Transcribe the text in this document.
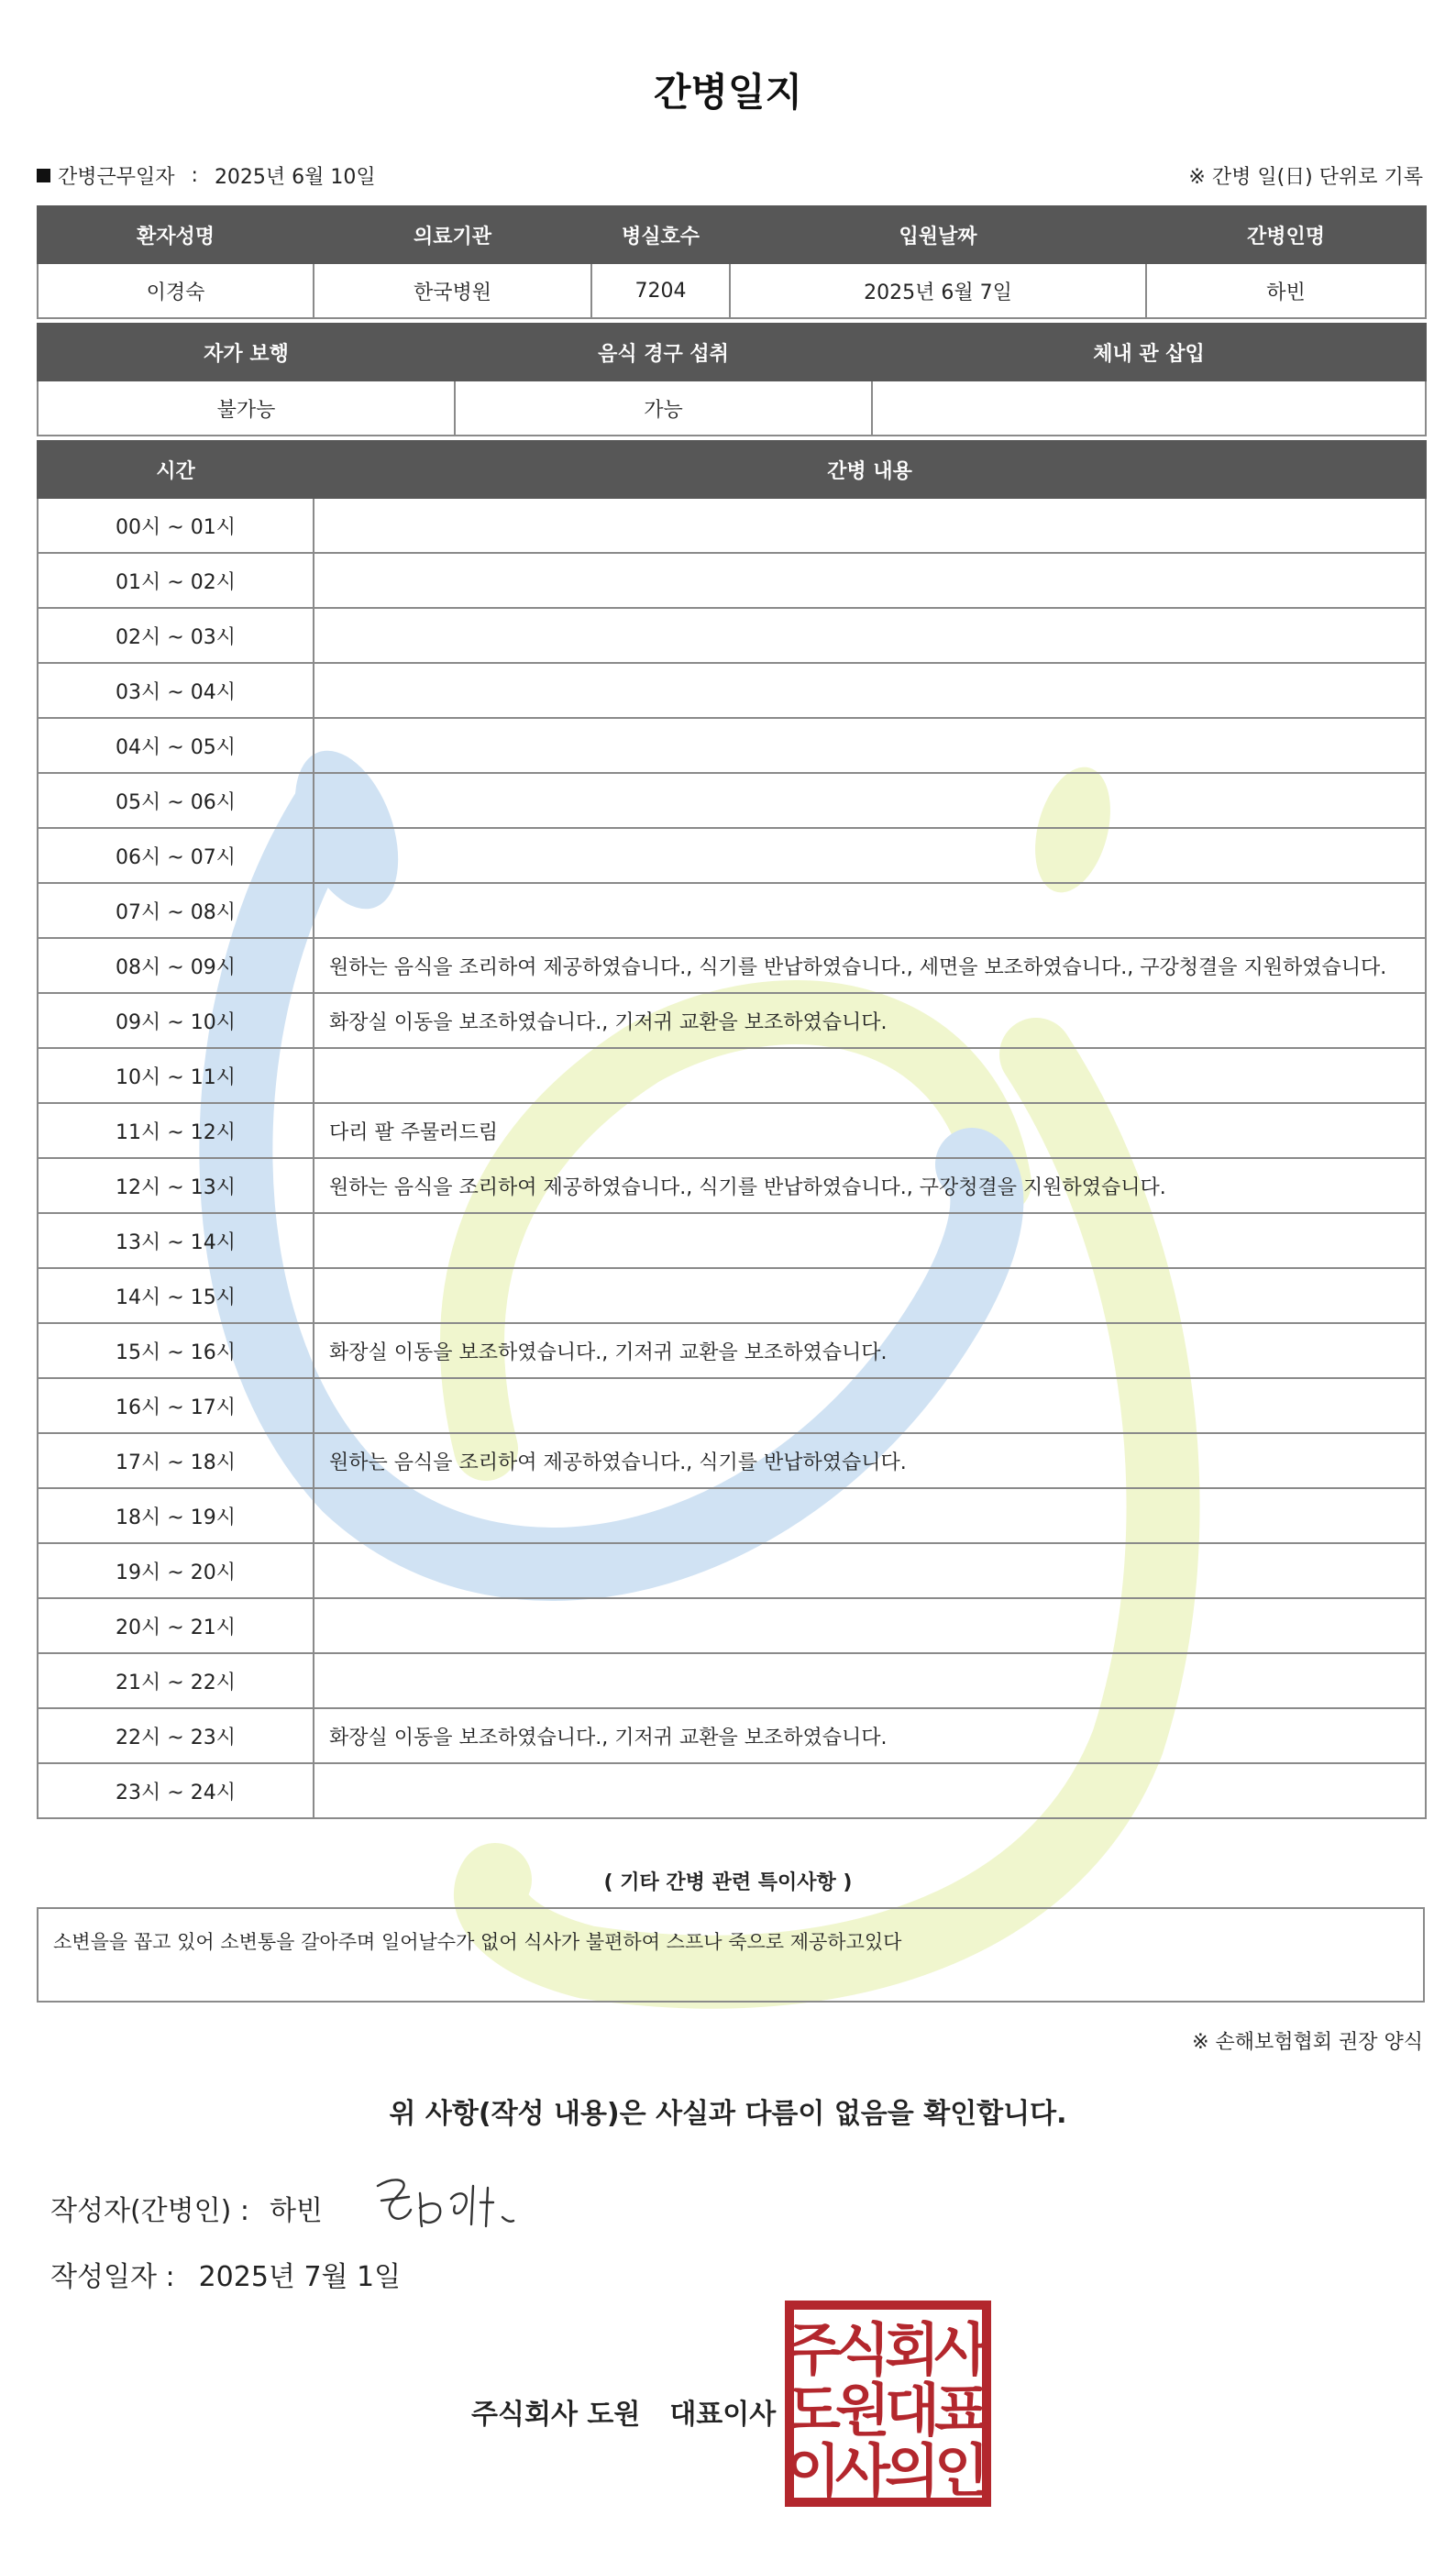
간병일지
간병근무일자 : 2025년 6월 10일	※ 간병 일(日) 단위로 기록
환자성명	의료기관	병실호수	입원날짜	간병인명
이경숙	한국병원	7204	2025년 6월 7일	하빈
자가 보행	음식 경구 섭취	체내 관 삽입
불가능	가능	
시간	간병 내용
00시 ~ 01시	
01시 ~ 02시	
02시 ~ 03시	
03시 ~ 04시	
04시 ~ 05시	
05시 ~ 06시	
06시 ~ 07시	
07시 ~ 08시	
08시 ~ 09시	원하는 음식을 조리하여 제공하였습니다., 식기를 반납하였습니다., 세면을 보조하였습니다., 구강청결을 지원하였습니다.
09시 ~ 10시	화장실 이동을 보조하였습니다., 기저귀 교환을 보조하였습니다.
10시 ~ 11시	
11시 ~ 12시	다리 팔 주물러드림
12시 ~ 13시	원하는 음식을 조리하여 제공하였습니다., 식기를 반납하였습니다., 구강청결을 지원하였습니다.
13시 ~ 14시	
14시 ~ 15시	
15시 ~ 16시	화장실 이동을 보조하였습니다., 기저귀 교환을 보조하였습니다.
16시 ~ 17시	
17시 ~ 18시	원하는 음식을 조리하여 제공하였습니다., 식기를 반납하였습니다.
18시 ~ 19시	
19시 ~ 20시	
20시 ~ 21시	
21시 ~ 22시	
22시 ~ 23시	화장실 이동을 보조하였습니다., 기저귀 교환을 보조하였습니다.
23시 ~ 24시	
( 기타 간병 관련 특이사항 )
소변을을 꼽고 있어 소변통을 갈아주며 일어날수가 없어 식사가 불편하여 스프나 죽으로 제공하고있다
※ 손해보험협회 권장 양식
위 사항(작성 내용)은 사실과 다름이 없음을 확인합니다.
작성자(간병인) : 하빈
작성일자 : 2025년 7월 1일
주식회사 도원 대표이사
주
식
회
사
도
원
대
표
이
사
의
인
